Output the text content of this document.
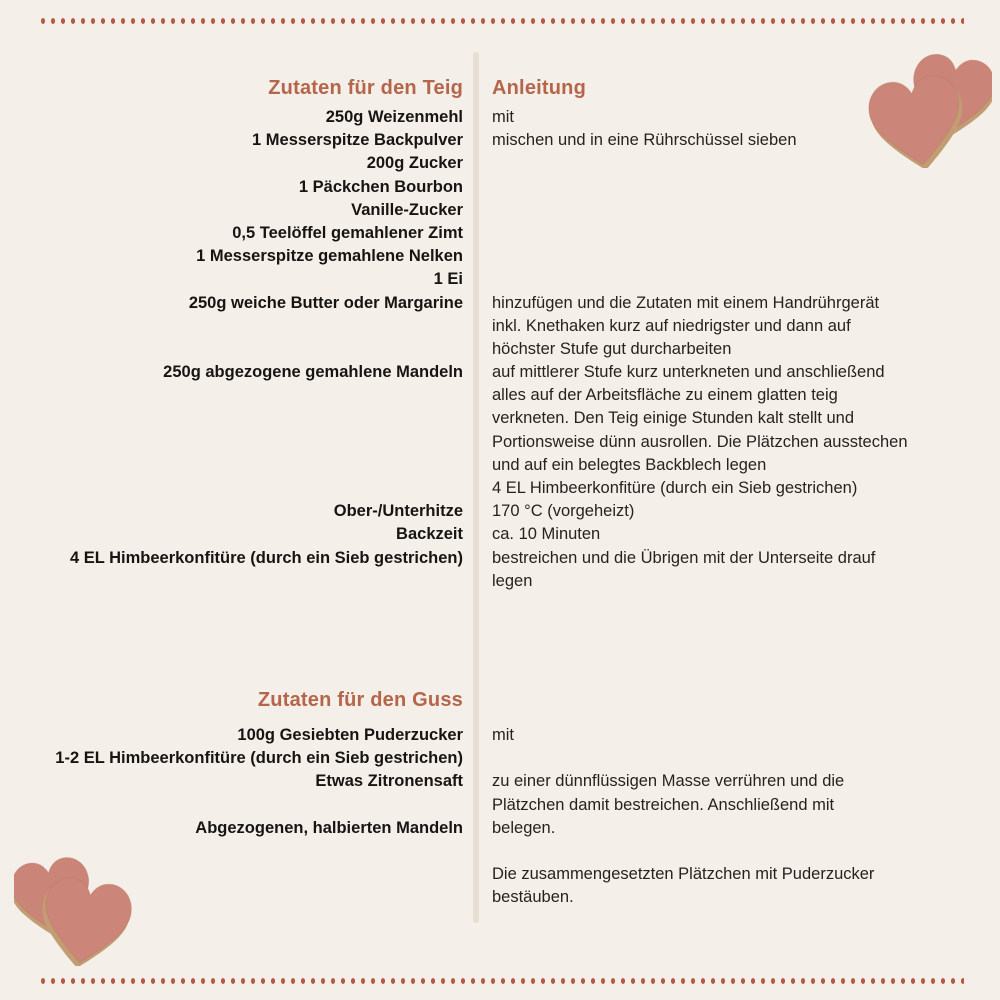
Zutaten für den Teig Anleitung
250g Weizenmehl mit
1 Messerspitze Backpulver mischen und in eine Rührschüssel sieben
200g Zucker
1 Päckchen Bourbon
Vanille-Zucker
0,5 Teelöffel gemahlener Zimt
1 Messerspitze gemahlene Nelken
1 Ei
250g weiche Butter oder Margarine hinzufügen und die Zutaten mit einem Handrührgerät
inkl. Knethaken kurz auf niedrigster und dann auf
höchster Stufe gut durcharbeiten
250g abgezogene gemahlene Mandeln auf mittlerer Stufe kurz unterkneten und anschließend
alles auf der Arbeitsfläche zu einem glatten teig
verkneten. Den Teig einige Stunden kalt stellt und
Portionsweise dünn ausrollen. Die Plätzchen ausstechen
und auf ein belegtes Backblech legen
4 EL Himbeerkonfitüre (durch ein Sieb gestrichen)
Ober-/Unterhitze 170 °C (vorgeheizt)
Backzeit ca. 10 Minuten
4 EL Himbeerkonfitüre (durch ein Sieb gestrichen) bestreichen und die Übrigen mit der Unterseite drauf
legen
Zutaten für den Guss
100g Gesiebten Puderzucker mit
1-2 EL Himbeerkonfitüre (durch ein Sieb gestrichen)
Etwas Zitronensaft zu einer dünnflüssigen Masse verrühren und die
Plätzchen damit bestreichen. Anschließend mit
Abgezogenen, halbierten Mandeln belegen.
Die zusammengesetzten Plätzchen mit Puderzucker
bestäuben.
